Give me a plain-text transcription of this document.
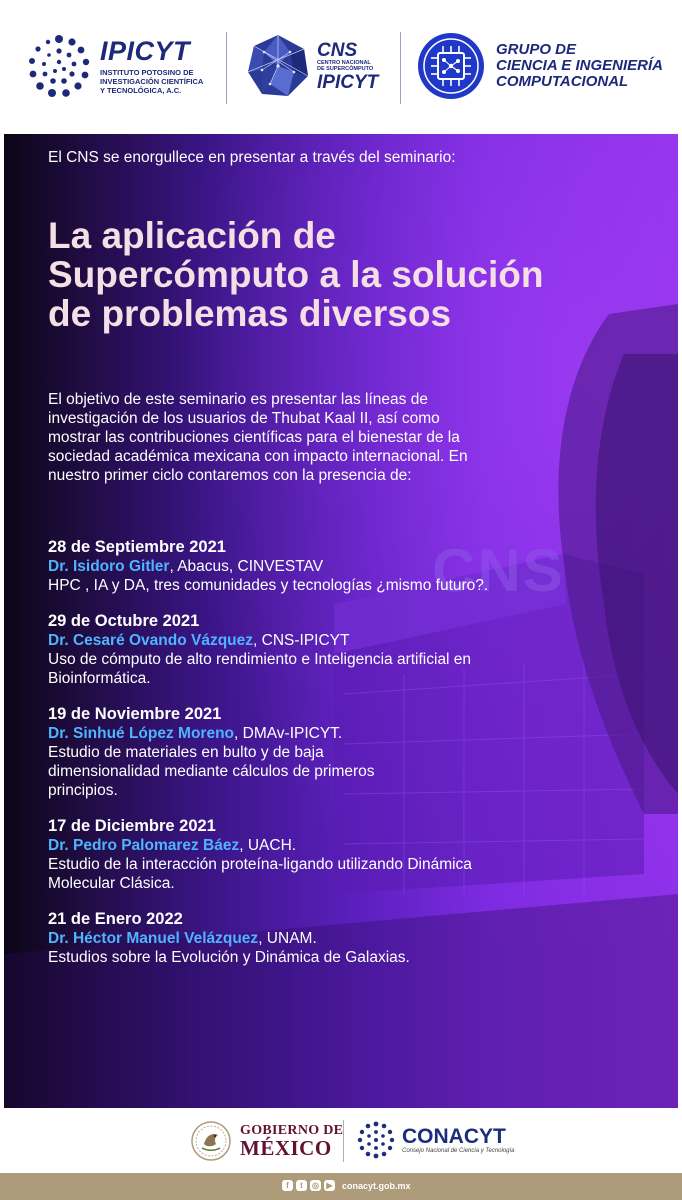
IPICYT
INSTITUTO POTOSINO DE
INVESTIGACIÓN CIENTÍFICA
Y TECNOLÓGICA, A.C.
CNS
CENTRO NACIONAL
DE SUPERCÓMPUTO
IPICYT
GRUPO DE
CIENCIA E INGENIERÍA
COMPUTACIONAL
CNS
El CNS se enorgullece en presentar a través del seminario:
La aplicación de Supercómputo a la solución de problemas diversos
El objetivo de este seminario es presentar las líneas de investigación de los usuarios de Thubat Kaal II, así como mostrar las contribuciones científicas para el bienestar de la sociedad académica mexicana con impacto internacional. En nuestro primer ciclo contaremos con la presencia de:
28 de Septiembre 2021
Dr. Isidoro Gitler, Abacus, CINVESTAV
HPC , IA y DA, tres comunidades y tecnologías ¿mismo futuro?.
29 de Octubre 2021
Dr. Cesaré Ovando Vázquez, CNS-IPICYT
Uso de cómputo de alto rendimiento e Inteligencia artificial en Bioinformática.
19 de Noviembre 2021
Dr. Sinhué López Moreno, DMAv-IPICYT.
Estudio de materiales en bulto y de baja dimensionalidad mediante cálculos de primeros principios.
17 de Diciembre 2021
Dr. Pedro Palomarez Báez, UACH.
Estudio de la interacción proteína-ligando utilizando Dinámica Molecular Clásica.
21 de Enero 2022
Dr. Héctor Manuel Velázquez, UNAM.
Estudios sobre la Evolución y Dinámica de Galaxias.
GOBIERNO DE
MÉXICO	CONACYT
Consejo Nacional de Ciencia y Tecnología
f	t	◎ ▶ conacyt.gob.mx
